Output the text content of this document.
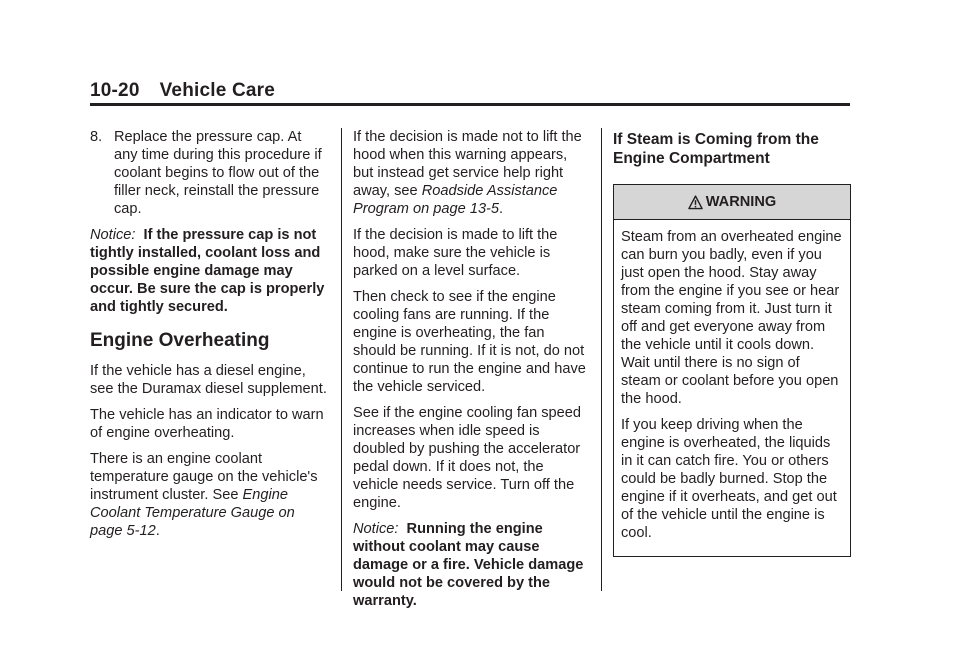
10-20 Vehicle Care
8. Replace the pressure cap. At any time during this procedure if coolant begins to flow out of the filler neck, reinstall the pressure cap.

Notice: If the pressure cap is not tightly installed, coolant loss and possible engine damage may occur. Be sure the cap is properly and tightly secured.

Engine Overheating

If the vehicle has a diesel engine, see the Duramax diesel supplement.

The vehicle has an indicator to warn of engine overheating.

There is an engine coolant temperature gauge on the vehicle's instrument cluster. See Engine Coolant Temperature Gauge on page 5-12.

If the decision is made not to lift the hood when this warning appears, but instead get service help right away, see Roadside Assistance Program on page 13-5.

If the decision is made to lift the hood, make sure the vehicle is parked on a level surface.

Then check to see if the engine cooling fans are running. If the engine is overheating, the fan should be running. If it is not, do not continue to run the engine and have the vehicle serviced.

See if the engine cooling fan speed increases when idle speed is doubled by pushing the accelerator pedal down. If it does not, the vehicle needs service. Turn off the engine.

Notice: Running the engine without coolant may cause damage or a fire. Vehicle damage would not be covered by the warranty.

If Steam is Coming from the Engine Compartment
WARNING

Steam from an overheated engine can burn you badly, even if you just open the hood. Stay away from the engine if you see or hear steam coming from it. Just turn it off and get everyone away from the vehicle until it cools down. Wait until there is no sign of steam or coolant before you open the hood.

If you keep driving when the engine is overheated, the liquids in it can catch fire. You or others could be badly burned. Stop the engine if it overheats, and get out of the vehicle until the engine is cool.
